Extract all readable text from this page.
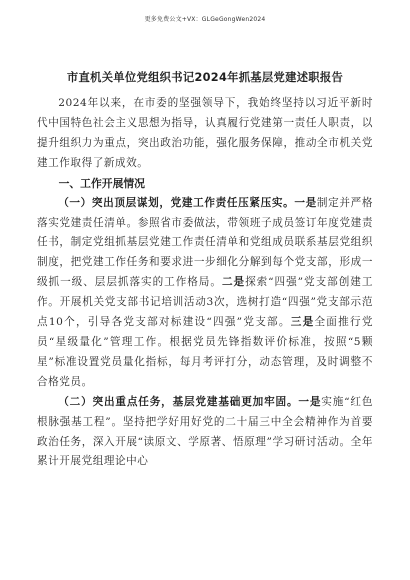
更多免费公文+VX：GLGeGongWen2024
市直机关单位党组织书记2024年抓基层党建述职报告

2024年以来，在市委的坚强领导下，我始终坚持以习近平新时代中国特色社会主义思想为指导，认真履行党建第一责任人职责，以提升组织力为重点，突出政治功能，强化服务保障，推动全市机关党建工作取得了新成效。

一、工作开展情况

（一）突出顶层谋划，党建工作责任压紧压实。一是制定并严格落实党建责任清单。参照省市委做法，带领班子成员签订年度党建责任书，制定党组抓基层党建工作责任清单和党组成员联系基层党组织制度，把党建工作任务和要求进一步细化分解到每个党支部，形成一级抓一级、层层抓落实的工作格局。二是探索“四强”党支部创建工作。开展机关党支部书记培训活动3次，选树打造“四强”党支部示范点10个，引导各党支部对标建设“四强”党支部。三是全面推行党员“星级量化”管理工作。根据党员先锋指数评价标准，按照“5颗星”标准设置党员量化指标，每月考评打分，动态管理，及时调整不合格党员。

（二）突出重点任务，基层党建基础更加牢固。一是实施“红色根脉强基工程”。坚持把学好用好党的二十届三中全会精神作为首要政治任务，深入开展“读原文、学原著、悟原理”学习研讨活动。全年累计开展党组理论中心
